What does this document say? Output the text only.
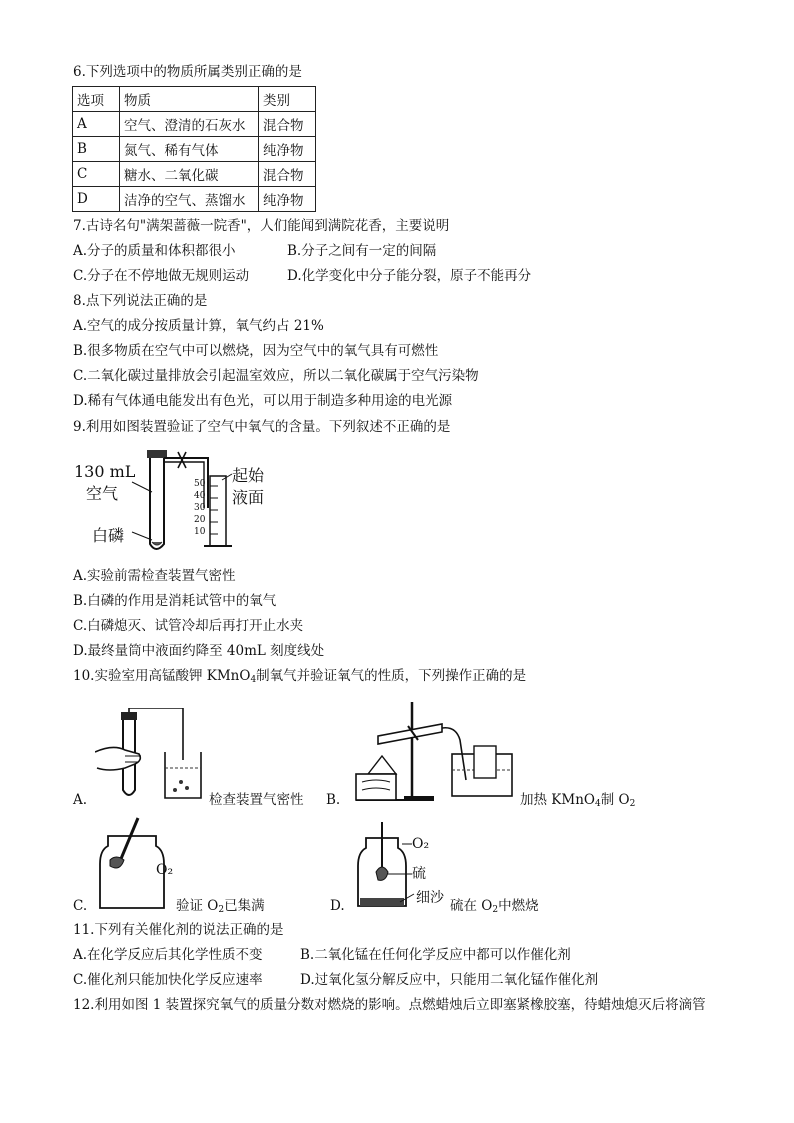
6.下列选项中的物质所属类别正确的是
选项	物质	类别
A	空气、澄清的石灰水	混合物
B	氮气、稀有气体	纯净物
C	糖水、二氧化碳	混合物
D	洁净的空气、蒸馏水	纯净物
7.古诗名句"满架蔷薇一院香"，人们能闻到满院花香，主要说明
A.分子的质量和体积都很小	B.分子之间有一定的间隔
C.分子在不停地做无规则运动	D.化学变化中分子能分裂，原子不能再分
8.点下列说法正确的是
A.空气的成分按质量计算，氧气约占 21%
B.很多物质在空气中可以燃烧，因为空气中的氧气具有可燃性
C.二氧化碳过量排放会引起温室效应，所以二氧化碳属于空气污染物
D.稀有气体通电能发出有色光，可以用于制造多种用途的电光源
9.利用如图装置验证了空气中氧气的含量。下列叙述不正确的是
130 mL
空气
白磷
起始
液面
50
40
30
20
10
A.实验前需检查装置气密性
B.白磷的作用是消耗试管中的氧气
C.白磷熄灭、试管冷却后再打开止水夹
D.最终量筒中液面约降至 40mL 刻度线处
10.实验室用高锰酸钾 KMnO$_4$制氧气并验证氧气的性质，下列操作正确的是
A.	检查装置气密性 B.	加热 KMnO$_4$制 $O_2$
C.
O₂
验证 $O_2$已集满	D.
O₂
硫
细沙 硫在 $O_2$中燃烧
11.下列有关催化剂的说法正确的是
A.在化学反应后其化学性质不变	B.二氧化锰在任何化学反应中都可以作催化剂
C.催化剂只能加快化学反应速率	D.过氧化氢分解反应中，只能用二氧化锰作催化剂
12.利用如图 1 装置探究氧气的质量分数对燃烧的影响。点燃蜡烛后立即塞紧橡胶塞，待蜡烛熄灭后将滴管
